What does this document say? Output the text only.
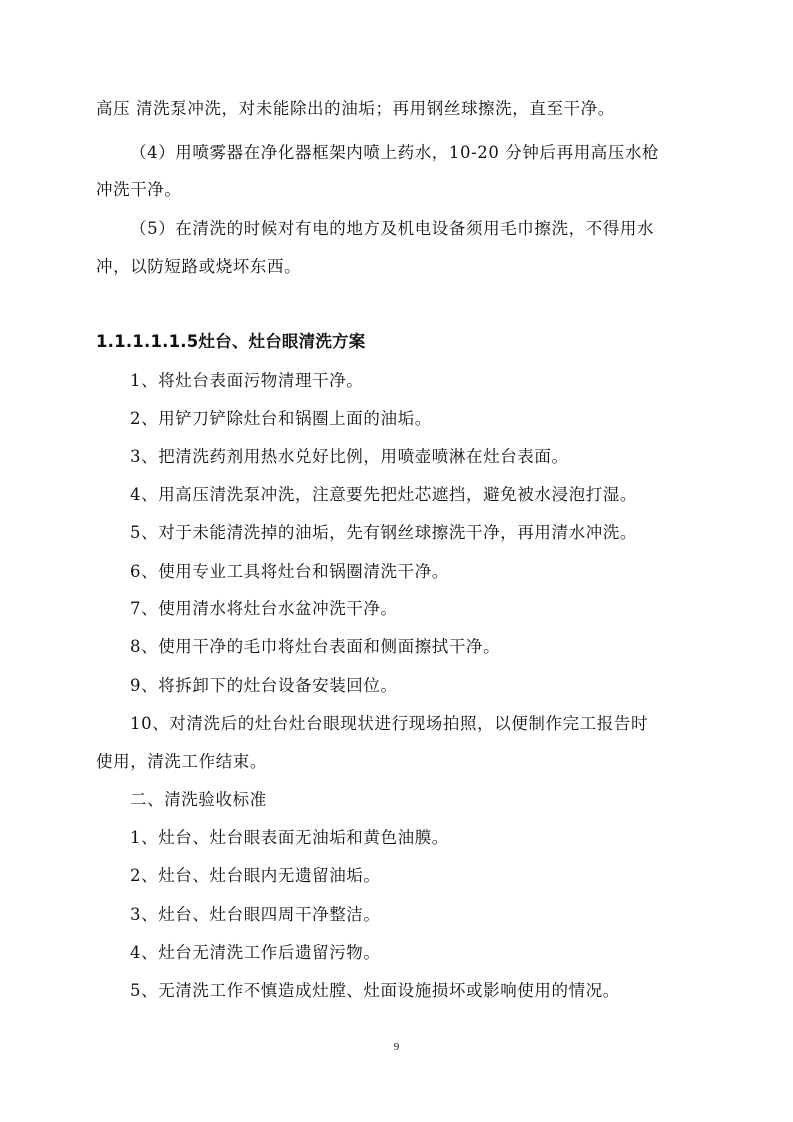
高压 清洗泵冲洗，对未能除出的油垢；再用钢丝球擦洗，直至干净。
（4）用喷雾器在净化器框架内喷上药水，10-20 分钟后再用高压水枪
冲洗干净。
（5）在清洗的时候对有电的地方及机电设备须用毛巾擦洗，不得用水
冲，以防短路或烧坏东西。
1.1.1.1.1.5灶台、灶台眼清洗方案
1、将灶台表面污物清理干净。
2、用铲刀铲除灶台和锅圈上面的油垢。
3、把清洗药剂用热水兑好比例，用喷壶喷淋在灶台表面。
4、用高压清洗泵冲洗，注意要先把灶芯遮挡，避免被水浸泡打湿。
5、对于未能清洗掉的油垢，先有钢丝球擦洗干净，再用清水冲洗。
6、使用专业工具将灶台和锅圈清洗干净。
7、使用清水将灶台水盆冲洗干净。
8、使用干净的毛巾将灶台表面和侧面擦拭干净。
9、将拆卸下的灶台设备安装回位。
10、对清洗后的灶台灶台眼现状进行现场拍照，以便制作完工报告时
使用，清洗工作结束。
二、清洗验收标准
1、灶台、灶台眼表面无油垢和黄色油膜。
2、灶台、灶台眼内无遗留油垢。
3、灶台、灶台眼四周干净整洁。
4、灶台无清洗工作后遗留污物。
5、无清洗工作不慎造成灶膛、灶面设施损坏或影响使用的情况。
9
